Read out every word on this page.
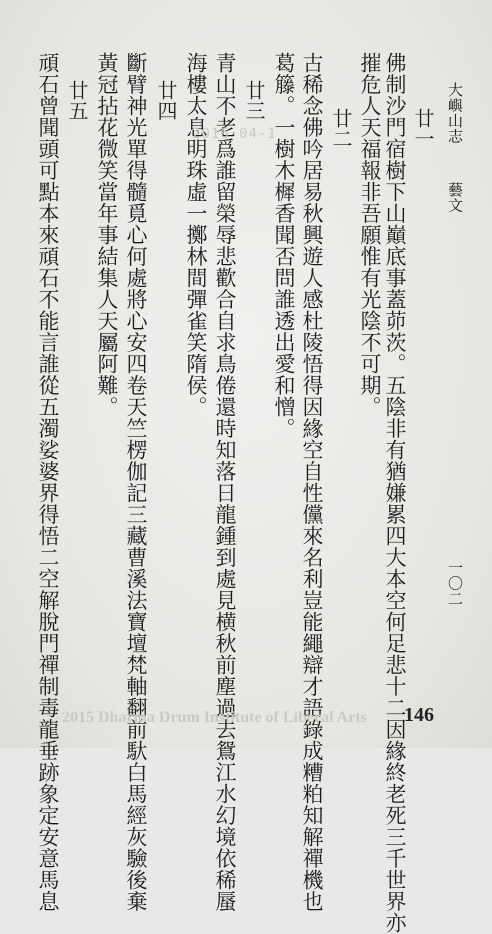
大嶼山志
藝文
一〇二
廿一
佛制沙門宿樹下山巔底事蓋茆茨。五陰非有猶嫌累四大本空何足悲十二因緣終老死三千世界亦
摧危人天福報非吾願惟有光陰不可期。
廿二
古稀念佛吟居易秋興遊人感杜陵悟得因緣空自性儻來名利豈能繩辯才語錄成糟粕知解禪機也
葛籐。一樹木樨香聞否問誰透出愛和憎。
廿三
青山不老爲誰留榮辱悲歡合自求鳥倦還時知落日龍鍾到處見横秋前塵過去鴛江水幻境依稀蜃
海樓太息明珠虛一擲林間彈雀笑隋侯。
廿四
斷臂神光單得髓覓心何處將心安四卷天竺楞伽記三藏曹溪法寶壇梵軸翻前馱白馬經灰驗後棄
黃冠拈花微笑當年事結集人天屬阿難。
廿五
頑石曾聞頭可點本來頑石不能言誰從五濁娑婆界得悟二空解脫門禪制毒龍垂跡象定安意馬息	2016-04-1
146
2015 Dharma Drum Institute of Liberal Arts
